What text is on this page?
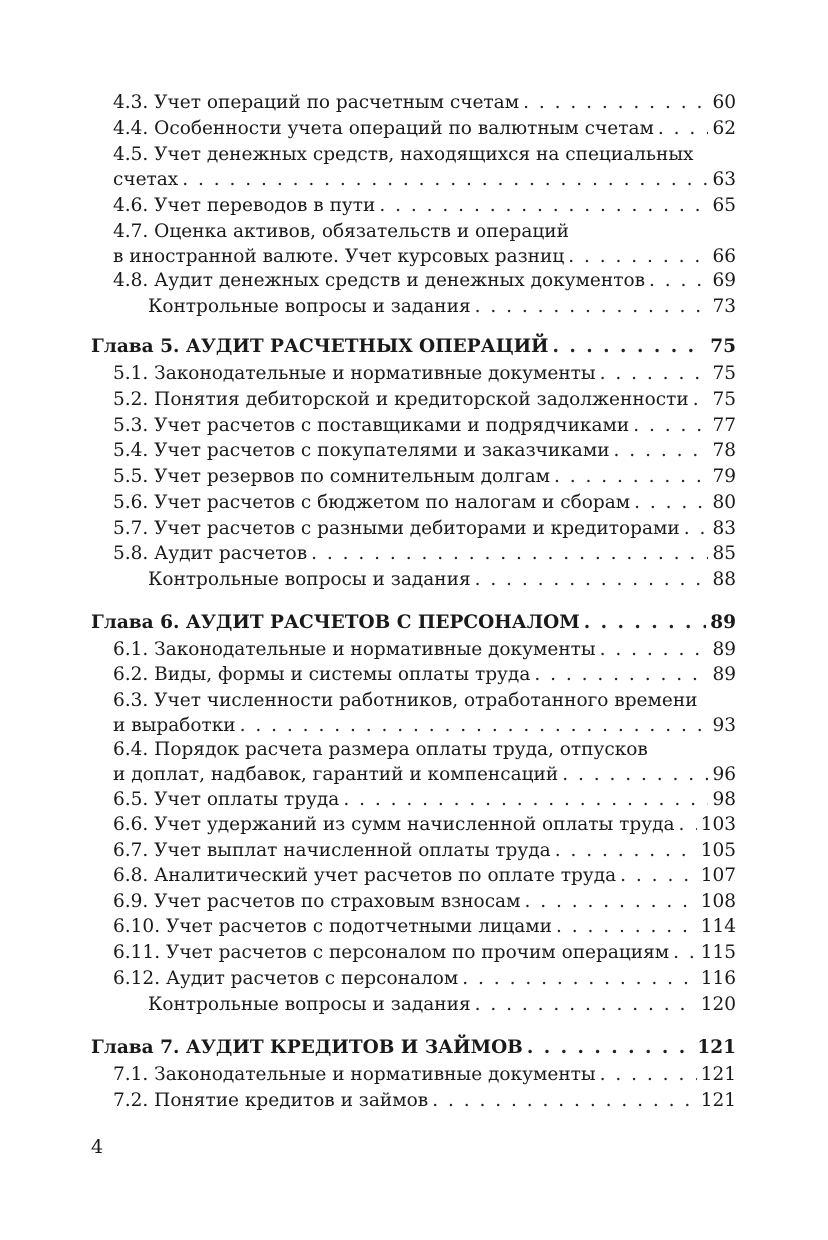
4.3. Учет операций по расчетным счетам . . .	60
4.4. Особенности учета операций по валютным счетам . . .	62
4.5. Учет денежных средств, находящихся на специальных
счетах . . .	63
4.6. Учет переводов в пути . . .	65
4.7. Оценка активов, обязательств и операций
в иностранной валюте. Учет курсовых разниц . . .	66
4.8. Аудит денежных средств и денежных документов . . .	69
Контрольные вопросы и задания . . .	73
Глава 5. АУДИТ РАСЧЕТНЫХ ОПЕРАЦИЙ . . .	75
5.1. Законодательные и нормативные документы . . .	75
5.2. Понятия дебиторской и кредиторской задолженности . . . 75
5.3. Учет расчетов с поставщиками и подрядчиками . . .	77
5.4. Учет расчетов с покупателями и заказчиками . . .	78
5.5. Учет резервов по сомнительным долгам . . .	79
5.6. Учет расчетов с бюджетом по налогам и сборам . . .	80
5.7. Учет расчетов с разными дебиторами и кредиторами . . . 83
5.8. Аудит расчетов . . .	85
Контрольные вопросы и задания . . .	88
Глава 6. АУДИТ РАСЧЕТОВ С ПЕРСОНАЛОМ . . .	89
6.1. Законодательные и нормативные документы . . .	89
6.2. Виды, формы и системы оплаты труда . . .	89
6.3. Учет численности работников, отработанного времени
и выработки . . .	93
6.4. Порядок расчета размера оплаты труда, отпусков
и доплат, надбавок, гарантий и компенсаций . . .	96
6.5. Учет оплаты труда . . .	98
6.6. Учет удержаний из сумм начисленной оплаты труда . . . 103
6.7. Учет выплат начисленной оплаты труда . . .	105
6.8. Аналитический учет расчетов по оплате труда . . .	107
6.9. Учет расчетов по страховым взносам . . .	108
6.10. Учет расчетов с подотчетными лицами . . .	114
6.11. Учет расчетов с персоналом по прочим операциям . . . 115
6.12. Аудит расчетов с персоналом . . .	116
Контрольные вопросы и задания . . .	120
Глава 7. АУДИТ КРЕДИТОВ И ЗАЙМОВ . . .	121
7.1. Законодательные и нормативные документы . . .	121
7.2. Понятие кредитов и займов . . .	121
4
